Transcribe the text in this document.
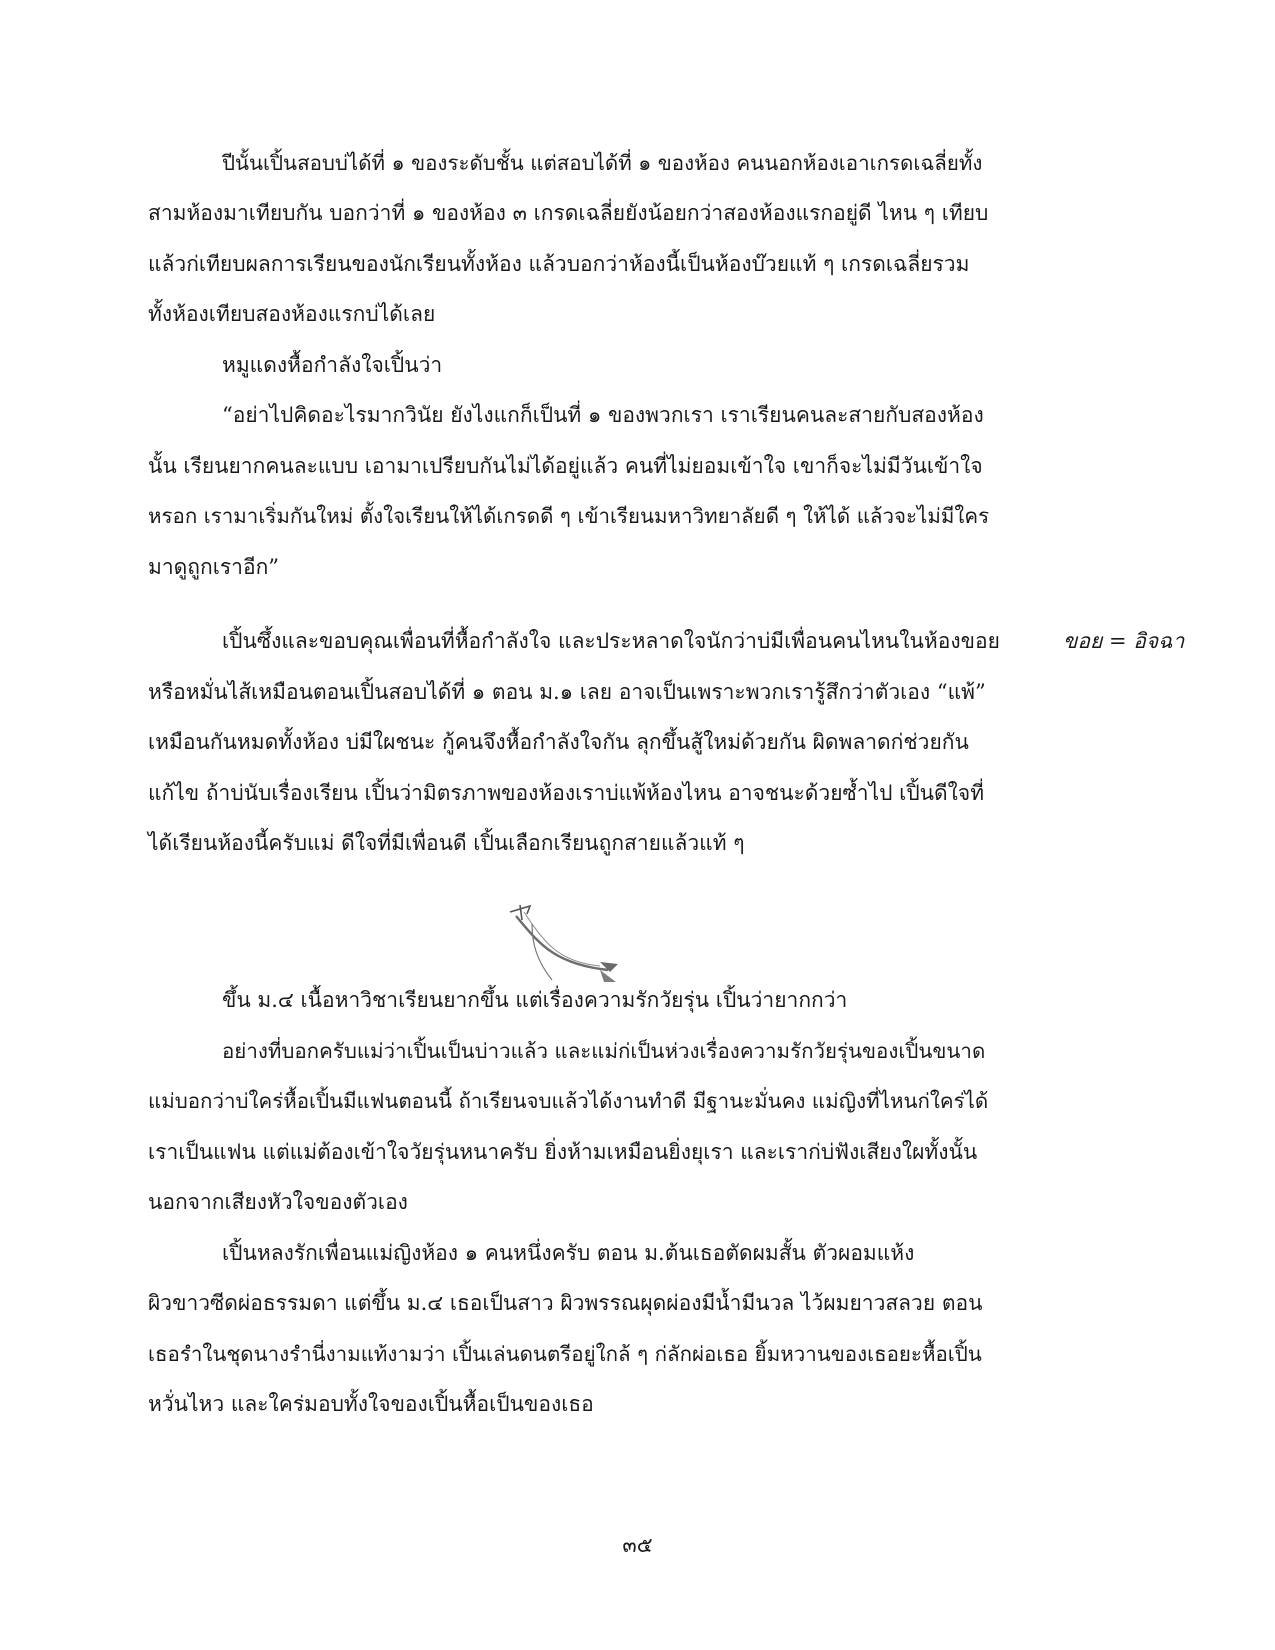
ปีนั้นเปิ้นสอบบ่ได้ที่ ๑ ของระดับชั้น แต่สอบได้ที่ ๑ ของห้อง คนนอกห้องเอาเกรดเฉลี่ยทั้ง
สามห้องมาเทียบกัน บอกว่าที่ ๑ ของห้อง ๓ เกรดเฉลี่ยยังน้อยกว่าสองห้องแรกอยู่ดี ไหน ๆ เทียบ
แล้วก่เทียบผลการเรียนของนักเรียนทั้งห้อง แล้วบอกว่าห้องนี้เป็นห้องบ๊วยแท้ ๆ เกรดเฉลี่ยรวม
ทั้งห้องเทียบสองห้องแรกบ่ได้เลย
หมูแดงหื้อกำลังใจเปิ้นว่า
“อย่าไปคิดอะไรมากวินัย ยังไงแกก็เป็นที่ ๑ ของพวกเรา เราเรียนคนละสายกับสองห้อง
นั้น เรียนยากคนละแบบ เอามาเปรียบกันไม่ได้อยู่แล้ว คนที่ไม่ยอมเข้าใจ เขาก็จะไม่มีวันเข้าใจ
หรอก เรามาเริ่มกันใหม่ ตั้งใจเรียนให้ได้เกรดดี ๆ เข้าเรียนมหาวิทยาลัยดี ๆ ให้ได้ แล้วจะไม่มีใคร
มาดูถูกเราอีก”
เปิ้นซึ้งและขอบคุณเพื่อนที่หื้อกำลังใจ และประหลาดใจนักว่าบ่มีเพื่อนคนไหนในห้องขอย
หรือหมั่นไส้เหมือนตอนเปิ้นสอบได้ที่ ๑ ตอน ม.๑ เลย อาจเป็นเพราะพวกเรารู้สึกว่าตัวเอง “แพ้”
เหมือนกันหมดทั้งห้อง บ่มีใผชนะ กู้คนจึงหื้อกำลังใจกัน ลุกขึ้นสู้ใหม่ด้วยกัน ผิดพลาดก่ช่วยกัน
แก้ไข ถ้าบ่นับเรื่องเรียน เปิ้นว่ามิตรภาพของห้องเราบ่แพ้ห้องไหน อาจชนะด้วยซ้ำไป เปิ้นดีใจที่
ได้เรียนห้องนี้ครับแม่ ดีใจที่มีเพื่อนดี เปิ้นเลือกเรียนถูกสายแล้วแท้ ๆ
ขอย = อิจฉา
ขึ้น ม.๔ เนื้อหาวิชาเรียนยากขึ้น แต่เรื่องความรักวัยรุ่น เปิ้นว่ายากกว่า
อย่างที่บอกครับแม่ว่าเปิ้นเป็นบ่าวแล้ว และแม่ก่เป็นห่วงเรื่องความรักวัยรุ่นของเปิ้นขนาด
แม่บอกว่าบ่ใคร่หื้อเปิ้นมีแฟนตอนนี้ ถ้าเรียนจบแล้วได้งานทำดี มีฐานะมั่นคง แม่ญิงที่ไหนก่ใคร่ได้
เราเป็นแฟน แต่แม่ต้องเข้าใจวัยรุ่นหนาครับ ยิ่งห้ามเหมือนยิ่งยุเรา และเราก่บ่ฟังเสียงใผทั้งนั้น
นอกจากเสียงหัวใจของตัวเอง
เปิ้นหลงรักเพื่อนแม่ญิงห้อง ๑ คนหนึ่งครับ ตอน ม.ต้นเธอตัดผมสั้น ตัวผอมแห้ง
ผิวขาวซีดผ่อธรรมดา แต่ขึ้น ม.๔ เธอเป็นสาว ผิวพรรณผุดผ่องมีน้ำมีนวล ไว้ผมยาวสลวย ตอน
เธอรำในชุดนางรำนี่งามแท้งามว่า เปิ้นเล่นดนตรีอยู่ใกล้ ๆ ก่ลักผ่อเธอ ยิ้มหวานของเธอยะหื้อเปิ้น
หวั่นไหว และใคร่มอบทั้งใจของเปิ้นหื้อเป็นของเธอ
๓๕
